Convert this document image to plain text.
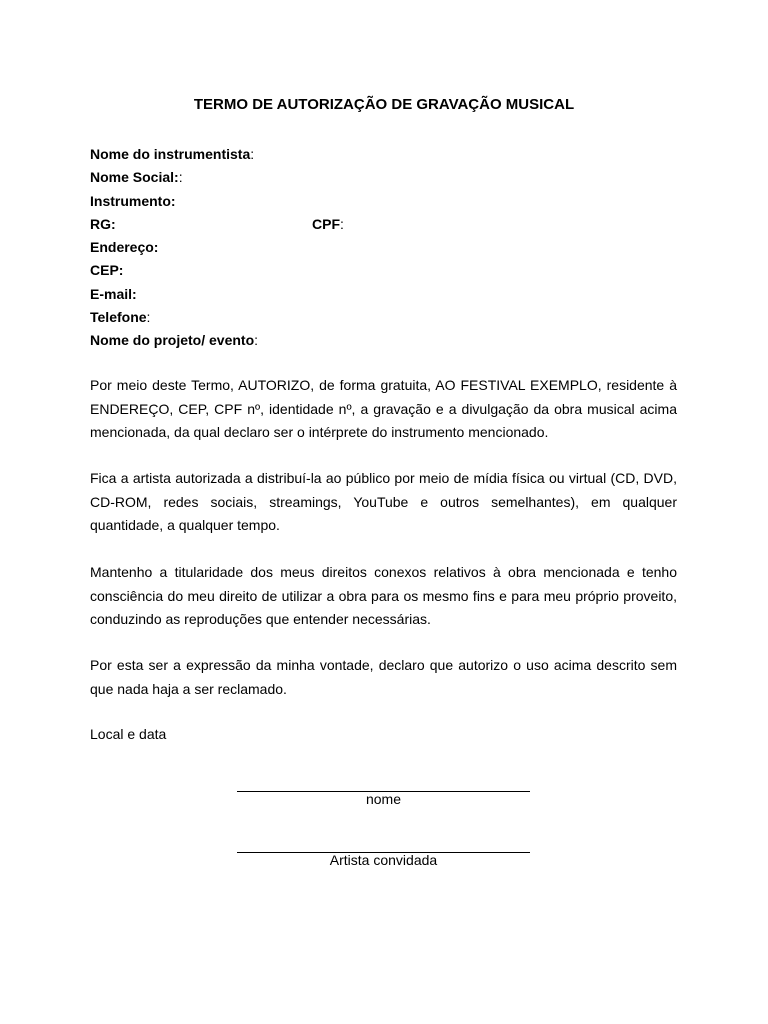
TERMO DE AUTORIZAÇÃO DE GRAVAÇÃO MUSICAL
Nome do instrumentista:
Nome Social::
Instrumento:
RG:	CPF:
Endereço:
CEP:
E-mail:
Telefone:
Nome do projeto/ evento:

Por meio deste Termo, AUTORIZO, de forma gratuita, AO FESTIVAL EXEMPLO, residente à ENDEREÇO, CEP, CPF nº, identidade nº, a gravação e a divulgação da obra musical acima mencionada, da qual declaro ser o intérprete do instrumento mencionado.

Fica a artista autorizada a distribuí-la ao público por meio de mídia física ou virtual (CD, DVD, CD-ROM, redes sociais, streamings, YouTube e outros semelhantes), em qualquer quantidade, a qualquer tempo.

Mantenho a titularidade dos meus direitos conexos relativos à obra mencionada e tenho consciência do meu direito de utilizar a obra para os mesmo fins e para meu próprio proveito, conduzindo as reproduções que entender necessárias.

Por esta ser a expressão da minha vontade, declaro que autorizo o uso acima descrito sem que nada haja a ser reclamado.

Local e data

nome
Artista convidada
